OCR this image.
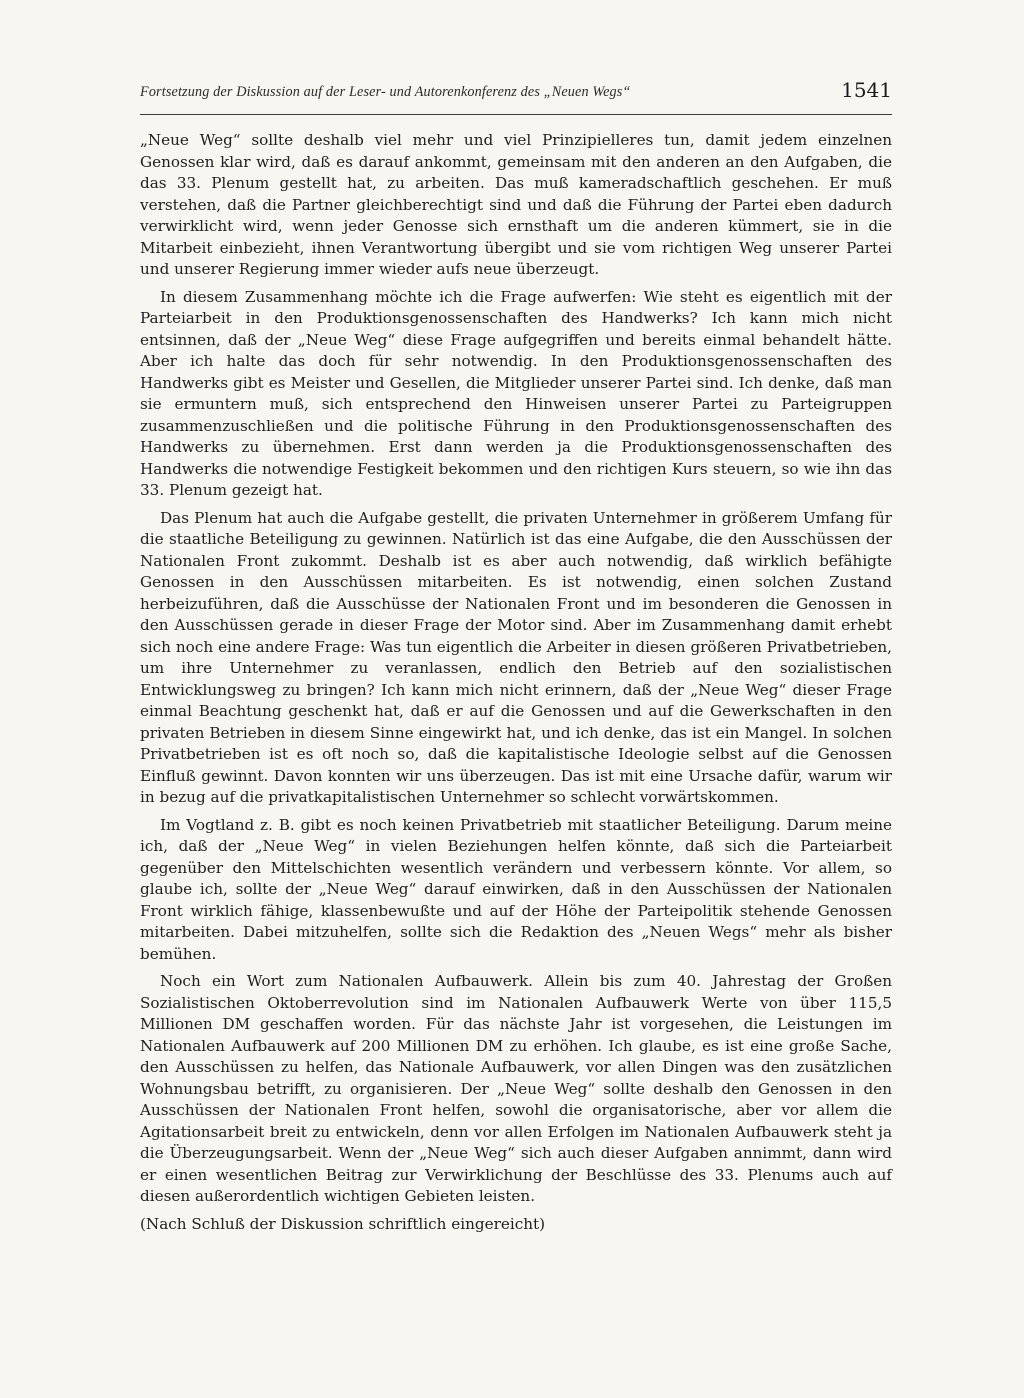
Fortsetzung der Diskussion auf der Leser- und Autorenkonferenz des „Neuen Wegs“	1541

„Neue Weg“ sollte deshalb viel mehr und viel Prinzipielleres tun, damit jedem einzelnen Genossen klar wird, daß es darauf ankommt, gemeinsam mit den anderen an den Aufgaben, die das 33. Plenum gestellt hat, zu arbeiten. Das muß kameradschaftlich geschehen. Er muß verstehen, daß die Partner gleichberechtigt sind und daß die Führung der Partei eben dadurch verwirklicht wird, wenn jeder Genosse sich ernsthaft um die anderen kümmert, sie in die Mitarbeit einbezieht, ihnen Verantwortung übergibt und sie vom richtigen Weg unserer Partei und unserer Regierung immer wieder aufs neue überzeugt.

In diesem Zusammenhang möchte ich die Frage aufwerfen: Wie steht es eigentlich mit der Parteiarbeit in den Produktionsgenossenschaften des Handwerks? Ich kann mich nicht entsinnen, daß der „Neue Weg“ diese Frage aufgegriffen und bereits einmal behandelt hätte. Aber ich halte das doch für sehr notwendig. In den Produktionsgenossenschaften des Handwerks gibt es Meister und Gesellen, die Mitglieder unserer Partei sind. Ich denke, daß man sie ermuntern muß, sich entsprechend den Hinweisen unserer Partei zu Parteigruppen zusammenzuschließen und die politische Führung in den Produktionsgenossenschaften des Handwerks zu übernehmen. Erst dann werden ja die Produktionsgenossenschaften des Handwerks die notwendige Festigkeit bekommen und den richtigen Kurs steuern, so wie ihn das 33. Plenum gezeigt hat.

Das Plenum hat auch die Aufgabe gestellt, die privaten Unternehmer in größerem Umfang für die staatliche Beteiligung zu gewinnen. Natürlich ist das eine Aufgabe, die den Ausschüssen der Nationalen Front zukommt. Deshalb ist es aber auch notwendig, daß wirklich befähigte Genossen in den Ausschüssen mitarbeiten. Es ist notwendig, einen solchen Zustand herbeizuführen, daß die Ausschüsse der Nationalen Front und im besonderen die Genossen in den Ausschüssen gerade in dieser Frage der Motor sind. Aber im Zusammenhang damit erhebt sich noch eine andere Frage: Was tun eigentlich die Arbeiter in diesen größeren Privatbetrieben, um ihre Unternehmer zu veranlassen, endlich den Betrieb auf den sozialistischen Entwicklungsweg zu bringen? Ich kann mich nicht erinnern, daß der „Neue Weg“ dieser Frage einmal Beachtung geschenkt hat, daß er auf die Genossen und auf die Gewerkschaften in den privaten Betrieben in diesem Sinne eingewirkt hat, und ich denke, das ist ein Mangel. In solchen Privatbetrieben ist es oft noch so, daß die kapitalistische Ideologie selbst auf die Genossen Einfluß gewinnt. Davon konnten wir uns überzeugen. Das ist mit eine Ursache dafür, warum wir in bezug auf die privatkapitalistischen Unternehmer so schlecht vorwärtskommen.

Im Vogtland z. B. gibt es noch keinen Privatbetrieb mit staatlicher Beteiligung. Darum meine ich, daß der „Neue Weg“ in vielen Beziehungen helfen könnte, daß sich die Parteiarbeit gegenüber den Mittelschichten wesentlich verändern und verbessern könnte. Vor allem, so glaube ich, sollte der „Neue Weg“ darauf einwirken, daß in den Ausschüssen der Nationalen Front wirklich fähige, klassenbewußte und auf der Höhe der Parteipolitik stehende Genossen mitarbeiten. Dabei mitzuhelfen, sollte sich die Redaktion des „Neuen Wegs“ mehr als bisher bemühen.

Noch ein Wort zum Nationalen Aufbauwerk. Allein bis zum 40. Jahrestag der Großen Sozialistischen Oktoberrevolution sind im Nationalen Aufbauwerk Werte von über 115,5 Millionen DM geschaffen worden. Für das nächste Jahr ist vorgesehen, die Leistungen im Nationalen Aufbauwerk auf 200 Millionen DM zu erhöhen. Ich glaube, es ist eine große Sache, den Ausschüssen zu helfen, das Nationale Aufbauwerk, vor allen Dingen was den zusätzlichen Wohnungsbau betrifft, zu organisieren. Der „Neue Weg“ sollte deshalb den Genossen in den Ausschüssen der Nationalen Front helfen, sowohl die organisatorische, aber vor allem die Agitationsarbeit breit zu entwickeln, denn vor allen Erfolgen im Nationalen Aufbauwerk steht ja die Überzeugungsarbeit. Wenn der „Neue Weg“ sich auch dieser Aufgaben annimmt, dann wird er einen wesentlichen Beitrag zur Verwirklichung der Beschlüsse des 33. Plenums auch auf diesen außerordentlich wichtigen Gebieten leisten.

(Nach Schluß der Diskussion schriftlich eingereicht)
